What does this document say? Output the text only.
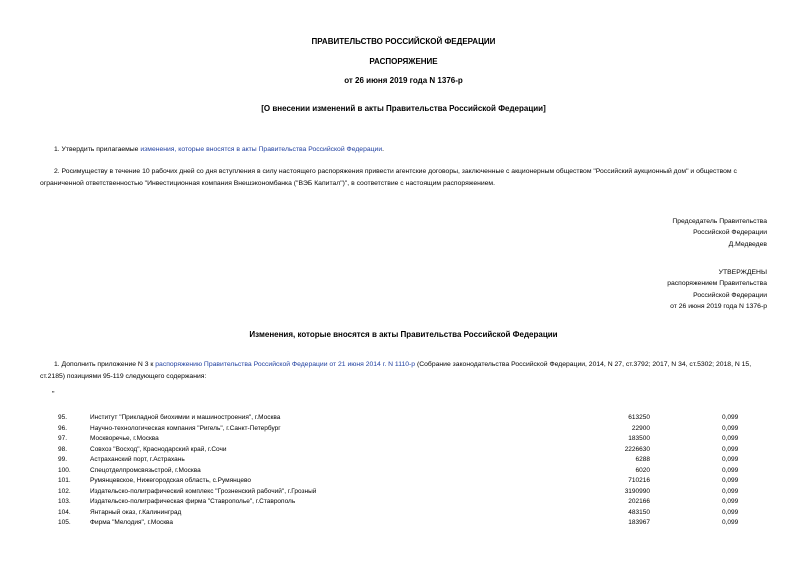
ПРАВИТЕЛЬСТВО РОССИЙСКОЙ ФЕДЕРАЦИИ
РАСПОРЯЖЕНИЕ
от 26 июня 2019 года N 1376-р
[О внесении изменений в акты Правительства Российской Федерации]
1. Утвердить прилагаемые изменения, которые вносятся в акты Правительства Российской Федерации.
2. Росимуществу в течение 10 рабочих дней со дня вступления в силу настоящего распоряжения привести агентские договоры, заключенные с акционерным обществом "Российский аукционный дом" и обществом с ограниченной ответственностью "Инвестиционная компания Внешэкономбанка ("ВЭБ Капитал")", в соответствие с настоящим распоряжением.
Председатель Правительства
Российской Федерации
Д.Медведев
УТВЕРЖДЕНЫ
распоряжением Правительства
Российской Федерации
от 26 июня 2019 года N 1376-р
Изменения, которые вносятся в акты Правительства Российской Федерации
1. Дополнить приложение N 3 к распоряжению Правительства Российской Федерации от 21 июня 2014 г. N 1110-р (Собрание законодательства Российской Федерации, 2014, N 27, ст.3792; 2017, N 34, ст.5302; 2018, N 15, ст.2185) позициями 95-119 следующего содержания:
"
95.	Институт "Прикладной биохимии и машиностроения", г.Москва	613250	0,099
96.	Научно-технологическая компания "Ригель", г.Санкт-Петербург	22900	0,099
97.	Москворечье, г.Москва	183500	0,099
98.	Совхоз "Восход", Краснодарский край, г.Сочи	2226630	0,099
99.	Астраханский порт, г.Астрахань	6288	0,099
100.	Спецотделпромсвязьстрой, г.Москва	6020	0,099
101.	Румянцевское, Нижегородская область, с.Румянцево	710216	0,099
102.	Издательско-полиграфический комплекс "Грозненский рабочий", г.Грозный	3190990	0,099
103.	Издательско-полиграфическая фирма "Ставрополье", г.Ставрополь	202166	0,099
104.	Янтарный оказ, г.Калининград	483150	0,099
105.	Фирма "Мелодия", г.Москва	183967	0,099
